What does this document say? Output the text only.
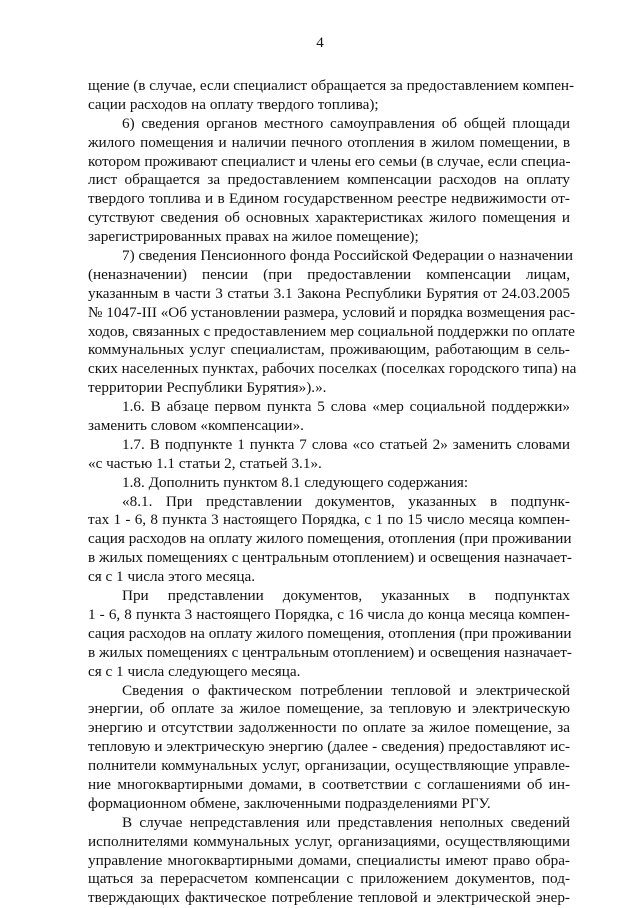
4
щение (в случае, если специалист обращается за предоставлением компен-
сации расходов на оплату твердого топлива);
6) сведения органов местного самоуправления об общей площади
жилого помещения и наличии печного отопления в жилом помещении, в
котором проживают специалист и члены его семьи (в случае, если специа-
лист обращается за предоставлением компенсации расходов на оплату
твердого топлива и в Едином государственном реестре недвижимости от-
сутствуют сведения об основных характеристиках жилого помещения и
зарегистрированных правах на жилое помещение);
7) сведения Пенсионного фонда Российской Федерации о назначении
(неназначении) пенсии (при предоставлении компенсации лицам,
указанным в части 3 статьи 3.1 Закона Республики Бурятия от 24.03.2005
№ 1047-III «Об установлении размера, условий и порядка возмещения рас-
ходов, связанных с предоставлением мер социальной поддержки по оплате
коммунальных услуг специалистам, проживающим, работающим в сель-
ских населенных пунктах, рабочих поселках (поселках городского типа) на
территории Республики Бурятия»).».
1.6. В абзаце первом пункта 5 слова «мер социальной поддержки»
заменить словом «компенсации».
1.7. В подпункте 1 пункта 7 слова «со статьей 2» заменить словами
«с частью 1.1 статьи 2, статьей 3.1».
1.8. Дополнить пунктом 8.1 следующего содержания:
«8.1. При представлении документов, указанных в подпунк-
тах 1 - 6, 8 пункта 3 настоящего Порядка, с 1 по 15 число месяца компен-
сация расходов на оплату жилого помещения, отопления (при проживании
в жилых помещениях с центральным отоплением) и освещения назначает-
ся с 1 числа этого месяца.
При представлении документов, указанных в подпунктах
1 - 6, 8 пункта 3 настоящего Порядка, с 16 числа до конца месяца компен-
сация расходов на оплату жилого помещения, отопления (при проживании
в жилых помещениях с центральным отоплением) и освещения назначает-
ся с 1 числа следующего месяца.
Сведения о фактическом потреблении тепловой и электрической
энергии, об оплате за жилое помещение, за тепловую и электрическую
энергию и отсутствии задолженности по оплате за жилое помещение, за
тепловую и электрическую энергию (далее - сведения) предоставляют ис-
полнители коммунальных услуг, организации, осуществляющие управле-
ние многоквартирными домами, в соответствии с соглашениями об ин-
формационном обмене, заключенными подразделениями РГУ.
В случае непредставления или представления неполных сведений
исполнителями коммунальных услуг, организациями, осуществляющими
управление многоквартирными домами, специалисты имеют право обра-
щаться за перерасчетом компенсации с приложением документов, под-
тверждающих фактическое потребление тепловой и электрической энер-
